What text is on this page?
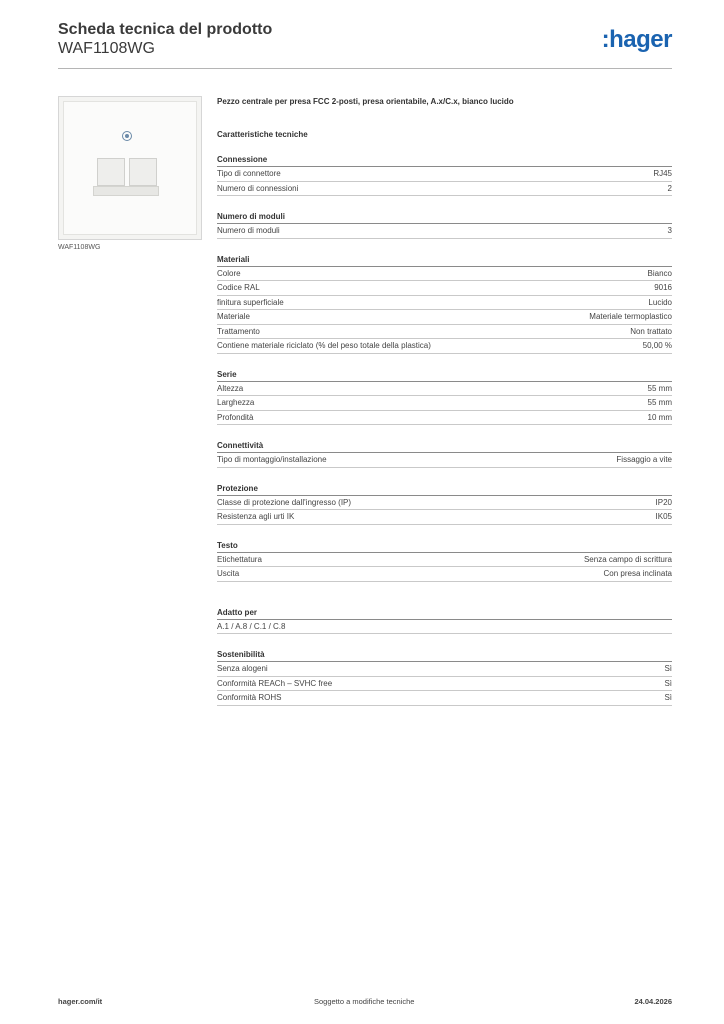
Scheda tecnica del prodotto
WAF1108WG	:hager
WAF1108WG
Pezzo centrale per presa FCC 2-posti, presa orientabile, A.x/C.x, bianco lucido
Caratteristiche tecniche
Connessione
Tipo di connettore	RJ45
Numero di connessioni	2
Numero di moduli
Numero di moduli	3
Materiali
Colore	Bianco
Codice RAL	9016
finitura superficiale	Lucido
Materiale	Materiale termoplastico
Trattamento	Non trattato
Contiene materiale riciclato (% del peso totale della plastica)	50,00 %
Serie
Altezza	55 mm
Larghezza	55 mm
Profondità	10 mm
Connettività
Tipo di montaggio/installazione	Fissaggio a vite
Protezione
Classe di protezione dall'ingresso (IP)	IP20
Resistenza agli urti IK	IK05
Testo
Etichettatura	Senza campo di scrittura
Uscita	Con presa inclinata
Adatto per
A.1 / A.8 / C.1 / C.8
Sostenibilità
Senza alogeni	Sì
Conformità REACh – SVHC free	Sì
Conformità ROHS	Sì
hager.com/it	Soggetto a modifiche tecniche	24.04.2026
